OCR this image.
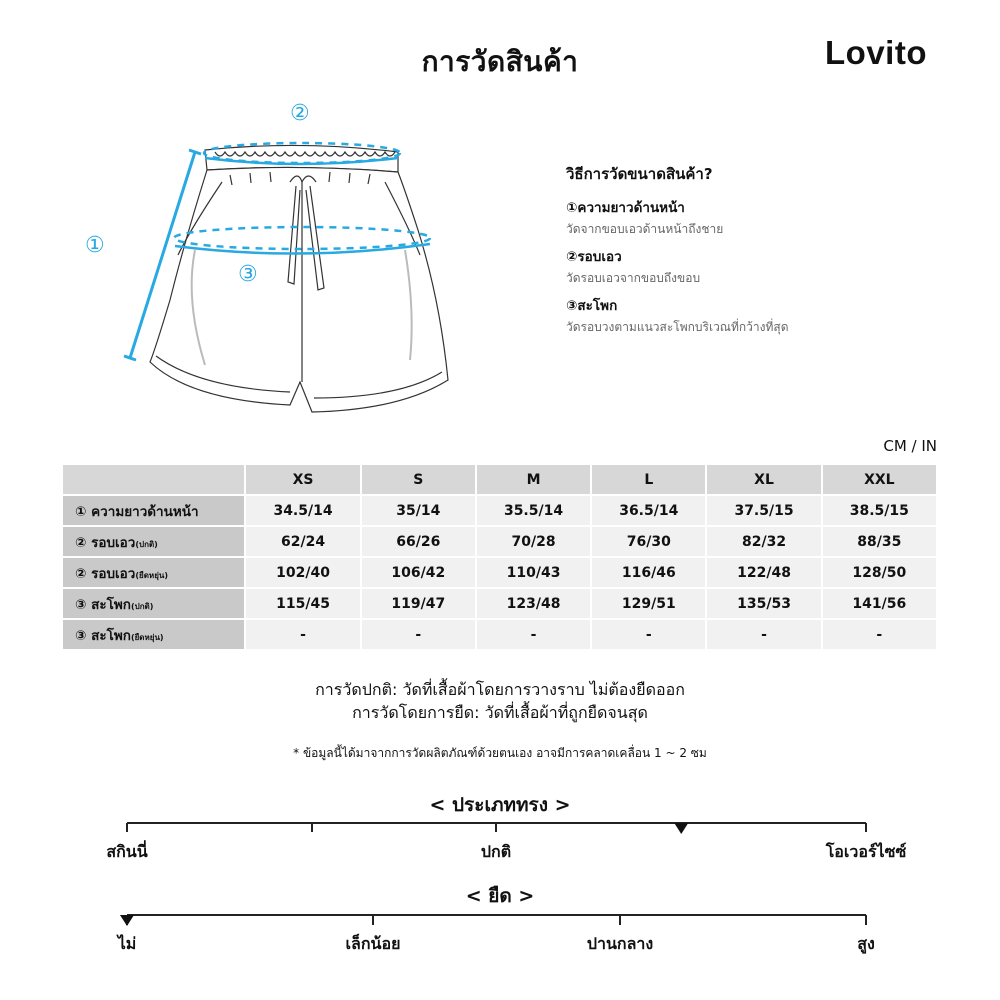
การวัดสินค้า	Lovito
①
②
③
วิธีการวัดขนาดสินค้า?
①ความยาวด้านหน้า
วัดจากขอบเอวด้านหน้าถึงชาย
②รอบเอว
วัดรอบเอวจากขอบถึงขอบ
③สะโพก
วัดรอบวงตามแนวสะโพกบริเวณที่กว้างที่สุด
CM / IN
	XS	S	M	L	XL	XXL
① ความยาวด้านหน้า	34.5/14	35/14	35.5/14	36.5/14	37.5/15	38.5/15
② รอบเอว(ปกติ)	62/24	66/26	70/28	76/30	82/32	88/35
② รอบเอว(ยืดหยุ่น)	102/40	106/42	110/43	116/46	122/48	128/50
③ สะโพก(ปกติ)	115/45	119/47	123/48	129/51	135/53	141/56
③ สะโพก(ยืดหยุ่น)	-	-	-	-	-	-
การวัดปกติ: วัดที่เสื้อผ้าโดยการวางราบ ไม่ต้องยืดออก
การวัดโดยการยืด: วัดที่เสื้อผ้าที่ถูกยืดจนสุด
* ข้อมูลนี้ได้มาจากการวัดผลิตภัณฑ์ด้วยตนเอง อาจมีการคลาดเคลื่อน 1 ~ 2 ซม
< ประเภททรง >
สกินนี่	ปกติ	โอเวอร์ไซซ์
< ยืด >
ไม่	เล็กน้อย	ปานกลาง	สูง
